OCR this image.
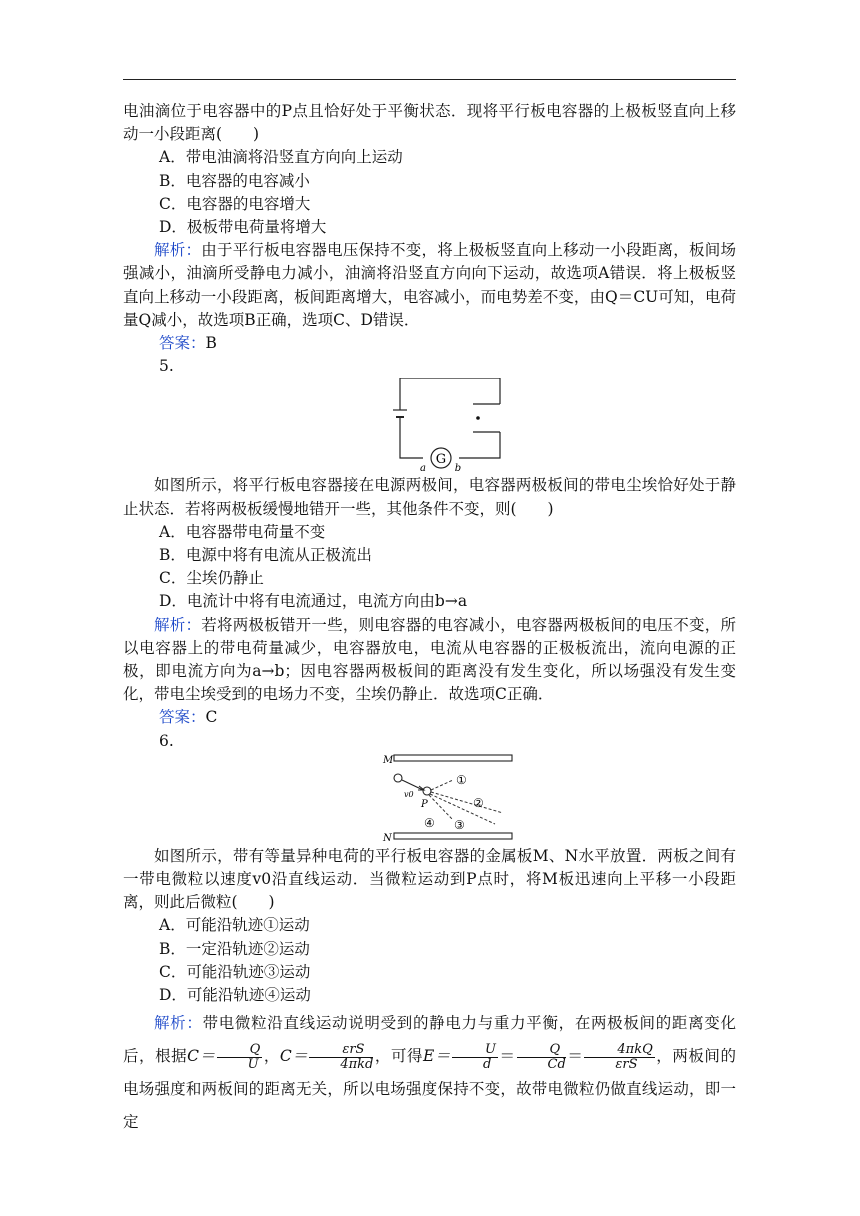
电油滴位于电容器中的P点且恰好处于平衡状态．现将平行板电容器的上极板竖直向上移动一小段距离(　　)
A．带电油滴将沿竖直方向向上运动
B．电容器的电容减小
C．电容器的电容增大
D．极板带电荷量将增大
解析：由于平行板电容器电压保持不变，将上极板竖直向上移动一小段距离，板间场强减小，油滴所受静电力减小，油滴将沿竖直方向向下运动，故选项A错误．将上极板竖直向上移动一小段距离，板间距离增大，电容减小，而电势差不变，由Q＝CU可知，电荷量Q减小，故选项B正确，选项C、D错误．
答案：B
5.
G
a	b
如图所示，将平行板电容器接在电源两极间，电容器两极板间的带电尘埃恰好处于静止状态．若将两极板缓慢地错开一些，其他条件不变，则(　　)
A．电容器带电荷量不变
B．电源中将有电流从正极流出
C．尘埃仍静止
D．电流计中将有电流通过，电流方向由b→a
解析：若将两极板错开一些，则电容器的电容减小，电容器两极板间的电压不变，所以电容器上的带电荷量减少，电容器放电，电流从电容器的正极板流出，流向电源的正极，即电流方向为a→b；因电容器两极板间的距离没有发生变化，所以场强没有发生变化，带电尘埃受到的电场力不变，尘埃仍静止．故选项C正确．
答案：C
6.
M
N
v0
P
①
②
③
④
如图所示，带有等量异种电荷的平行板电容器的金属板M、N水平放置．两板之间有一带电微粒以速度v0沿直线运动．当微粒运动到P点时，将M板迅速向上平移一小段距离，则此后微粒(　　)
A．可能沿轨迹①运动
B．一定沿轨迹②运动
C．可能沿轨迹③运动
D．可能沿轨迹④运动
解析：带电微粒沿直线运动说明受到的静电力与重力平衡，在两极板间的距离变化后，根据$C= \frac{Q}{U}$ ，$C= \frac{\text{εrS}}{\text{4πkd}}$ ，可得$E= \frac{U}{d} = \frac{Q}{Cd} = \frac{\text{4πkQ}}{\text{εrS}}$ ，两板间的电场强度和两板间的距离无关，所以电场强度保持不变，故带电微粒仍做直线运动，即一定
